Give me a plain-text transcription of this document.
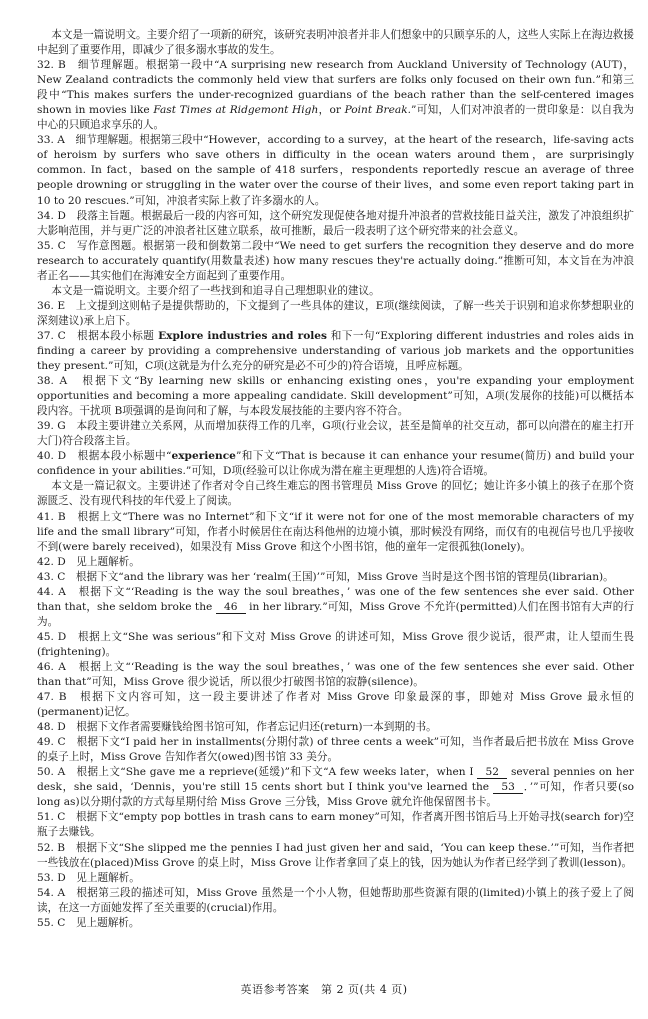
本文是一篇说明文。主要介绍了一项新的研究，该研究表明冲浪者并非人们想象中的只顾享乐的人，这些人实际上在海边救援中起到了重要作用，即减少了很多溺水事故的发生。

32. B　细节理解题。根据第一段中“A surprising new research from Auckland University of Technology (AUT)，New Zealand contradicts the commonly held view that surfers are folks only focused on their own fun.”和第三段中“This makes surfers the under-recognized guardians of the beach rather than the self-centered images shown in movies like Fast Times at Ridgemont High，or Point Break.”可知，人们对冲浪者的一贯印象是：以自我为中心的只顾追求享乐的人。

33. A　细节理解题。根据第三段中“However，according to a survey，at the heart of the research，life-saving acts of heroism by surfers who save others in difficulty in the ocean waters around them，are surprisingly common. In fact，based on the sample of 418 surfers，respondents reportedly rescue an average of three people drowning or struggling in the water over the course of their lives，and some even report taking part in 10 to 20 rescues.”可知，冲浪者实际上救了许多溺水的人。

34. D　段落主旨题。根据最后一段的内容可知，这个研究发现促使各地对提升冲浪者的营救技能日益关注，激发了冲浪组织扩大影响范围，并与更广泛的冲浪者社区建立联系，故可推断，最后一段表明了这个研究带来的社会意义。

35. C　写作意图题。根据第一段和倒数第二段中“We need to get surfers the recognition they deserve and do more research to accurately quantify(用数量表述) how many rescues they're actually doing.”推断可知，本文旨在为冲浪者正名——其实他们在海滩安全方面起到了重要作用。

本文是一篇说明文。主要介绍了一些找到和追寻自己理想职业的建议。

36. E　上文提到这则帖子是提供帮助的，下文提到了一些具体的建议，E项(继续阅读，了解一些关于识别和追求你梦想职业的深刻建议)承上启下。

37. C　根据本段小标题 Explore industries and roles 和下一句“Exploring different industries and roles aids in finding a career by providing a comprehensive understanding of various job markets and the opportunities they present.”可知，C项(这就是为什么充分的研究是必不可少的)符合语境，且呼应标题。

38. A　根据下文“By learning new skills or enhancing existing ones，you're expanding your employment opportunities and becoming a more appealing candidate. Skill development”可知，A项(发展你的技能)可以概括本段内容。干扰项 B项强调的是询问和了解，与本段发展技能的主要内容不符合。

39. G　本段主要讲建立关系网，从而增加获得工作的几率，G项(行业会议，甚至是简单的社交互动，都可以向潜在的雇主打开大门)符合段落主旨。

40. D　根据本段小标题中“experience”和下文“That is because it can enhance your resume(简历) and build your confidence in your abilities.”可知，D项(经验可以让你成为潜在雇主更理想的人选)符合语境。

本文是一篇记叙文。主要讲述了作者对令自己终生难忘的图书管理员 Miss Grove 的回忆；她让许多小镇上的孩子在那个资源匮乏、没有现代科技的年代爱上了阅读。

41. B　根据上文“There was no Internet”和下文“if it were not for one of the most memorable characters of my life and the small library”可知，作者小时候居住在南达科他州的边境小镇，那时候没有网络，而仅有的电视信号也几乎接收不到(were barely received)，如果没有 Miss Grove 和这个小图书馆，他的童年一定很孤独(lonely)。

42. D　见上题解析。

43. C　根据下文“and the library was her ‘realm(王国)’”可知，Miss Grove 当时是这个图书馆的管理员(librarian)。

44. A　根据下文“‘Reading is the way the soul breathes，’ was one of the few sentences she ever said. Other than that，she seldom broke the 46 in her library.”可知，Miss Grove 不允许(permitted)人们在图书馆有大声的行为。

45. D　根据上文“She was serious”和下文对 Miss Grove 的讲述可知，Miss Grove 很少说话，很严肃，让人望而生畏(frightening)。

46. A　根据上文“‘Reading is the way the soul breathes，’ was one of the few sentences she ever said. Other than that”可知，Miss Grove 很少说话，所以很少打破图书馆的寂静(silence)。

47. B　根据下文内容可知，这一段主要讲述了作者对 Miss Grove 印象最深的事，即她对 Miss Grove 最永恒的(permanent)记忆。

48. D　根据下文作者需要赚钱给图书馆可知，作者忘记归还(return)一本到期的书。

49. C　根据下文“I paid her in installments(分期付款) of three cents a week”可知，当作者最后把书放在 Miss Grove 的桌子上时，Miss Grove 告知作者欠(owed)图书馆 33 美分。

50. A　根据上文“She gave me a reprieve(延缓)”和下文“A few weeks later，when I 52 several pennies on her desk，she said，‘Dennis，you're still 15 cents short but I think you've learned the 53 ．’”可知，作者只要(so long as)以分期付款的方式每星期付给 Miss Grove 三分钱，Miss Grove 就允许他保留图书卡。

51. C　根据下文“empty pop bottles in trash cans to earn money”可知，作者离开图书馆后马上开始寻找(search for)空瓶子去赚钱。

52. B　根据下文“She slipped me the pennies I had just given her and said，‘You can keep these.’”可知，当作者把一些钱放在(placed)Miss Grove 的桌上时，Miss Grove 让作者拿回了桌上的钱，因为她认为作者已经学到了教训(lesson)。

53. D　见上题解析。

54. A　根据第三段的描述可知，Miss Grove 虽然是一个小人物，但她帮助那些资源有限的(limited)小镇上的孩子爱上了阅读，在这一方面她发挥了至关重要的(crucial)作用。

55. C　见上题解析。

英语参考答案　第 2 页(共 4 页)
